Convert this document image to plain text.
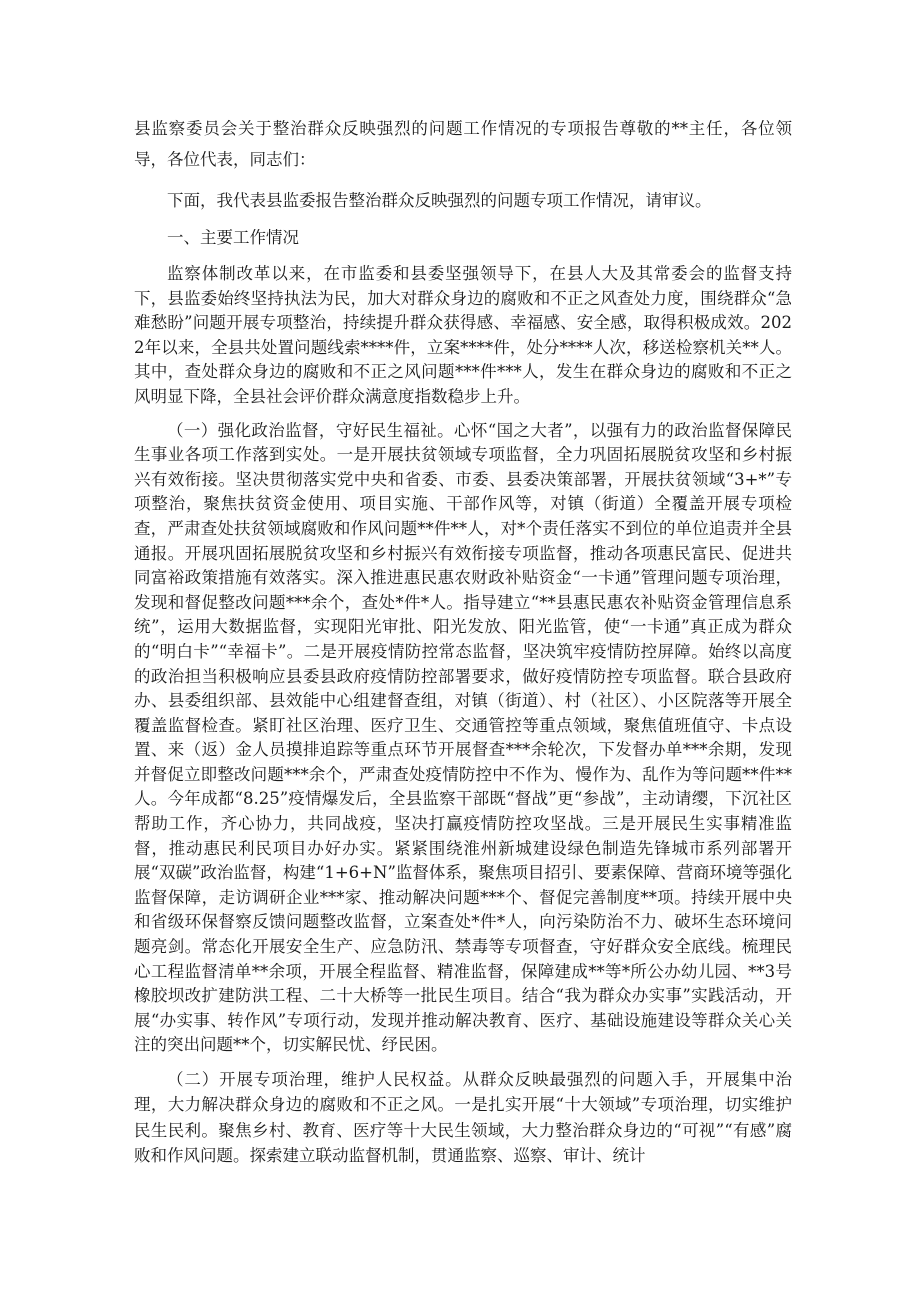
县监察委员会关于整治群众反映强烈的问题工作情况的专项报告尊敬的**主任，各位领导，各位代表，同志们：

下面，我代表县监委报告整治群众反映强烈的问题专项工作情况，请审议。

一、主要工作情况

监察体制改革以来，在市监委和县委坚强领导下，在县人大及其常委会的监督支持下，县监委始终坚持执法为民，加大对群众身边的腐败和不正之风查处力度，围绕群众“急难愁盼”问题开展专项整治，持续提升群众获得感、幸福感、安全感，取得积极成效。2022年以来，全县共处置问题线索****件，立案****件，处分****人次，移送检察机关**人。其中，查处群众身边的腐败和不正之风问题***件***人，发生在群众身边的腐败和不正之风明显下降，全县社会评价群众满意度指数稳步上升。

（一）强化政治监督，守好民生福祉。心怀“国之大者”，以强有力的政治监督保障民生事业各项工作落到实处。一是开展扶贫领域专项监督，全力巩固拓展脱贫攻坚和乡村振兴有效衔接。坚决贯彻落实党中央和省委、市委、县委决策部署，开展扶贫领域“3+*”专项整治，聚焦扶贫资金使用、项目实施、干部作风等，对镇（街道）全覆盖开展专项检查，严肃查处扶贫领域腐败和作风问题**件**人，对*个责任落实不到位的单位追责并全县通报。开展巩固拓展脱贫攻坚和乡村振兴有效衔接专项监督，推动各项惠民富民、促进共同富裕政策措施有效落实。深入推进惠民惠农财政补贴资金“一卡通”管理问题专项治理，发现和督促整改问题***余个，查处*件*人。指导建立“**县惠民惠农补贴资金管理信息系统”，运用大数据监督，实现阳光审批、阳光发放、阳光监管，使“一卡通”真正成为群众的“明白卡”“幸福卡”。二是开展疫情防控常态监督，坚决筑牢疫情防控屏障。始终以高度的政治担当积极响应县委县政府疫情防控部署要求，做好疫情防控专项监督。联合县政府办、县委组织部、县效能中心组建督查组，对镇（街道）、村（社区）、小区院落等开展全覆盖监督检查。紧盯社区治理、医疗卫生、交通管控等重点领域，聚焦值班值守、卡点设置、来（返）金人员摸排追踪等重点环节开展督查***余轮次，下发督办单***余期，发现并督促立即整改问题***余个，严肃查处疫情防控中不作为、慢作为、乱作为等问题**件**人。今年成都“8.25”疫情爆发后，全县监察干部既“督战”更“参战”，主动请缨，下沉社区帮助工作，齐心协力，共同战疫，坚决打赢疫情防控攻坚战。三是开展民生实事精准监督，推动惠民利民项目办好办实。紧紧围绕淮州新城建设绿色制造先锋城市系列部署开展“双碳”政治监督，构建“1+6+N”监督体系，聚焦项目招引、要素保障、营商环境等强化监督保障，走访调研企业***家、推动解决问题***个、督促完善制度**项。持续开展中央和省级环保督察反馈问题整改监督，立案查处*件*人，向污染防治不力、破坏生态环境问题亮剑。常态化开展安全生产、应急防汛、禁毒等专项督查，守好群众安全底线。梳理民心工程监督清单**余项，开展全程监督、精准监督，保障建成**等*所公办幼儿园、**3号橡胶坝改扩建防洪工程、二十大桥等一批民生项目。结合“我为群众办实事”实践活动，开展“办实事、转作风”专项行动，发现并推动解决教育、医疗、基础设施建设等群众关心关注的突出问题**个，切实解民忧、纾民困。

（二）开展专项治理，维护人民权益。从群众反映最强烈的问题入手，开展集中治理，大力解决群众身边的腐败和不正之风。一是扎实开展“十大领域”专项治理，切实维护民生民利。聚焦乡村、教育、医疗等十大民生领域，大力整治群众身边的“可视”“有感”腐败和作风问题。探索建立联动监督机制，贯通监察、巡察、审计、统计
